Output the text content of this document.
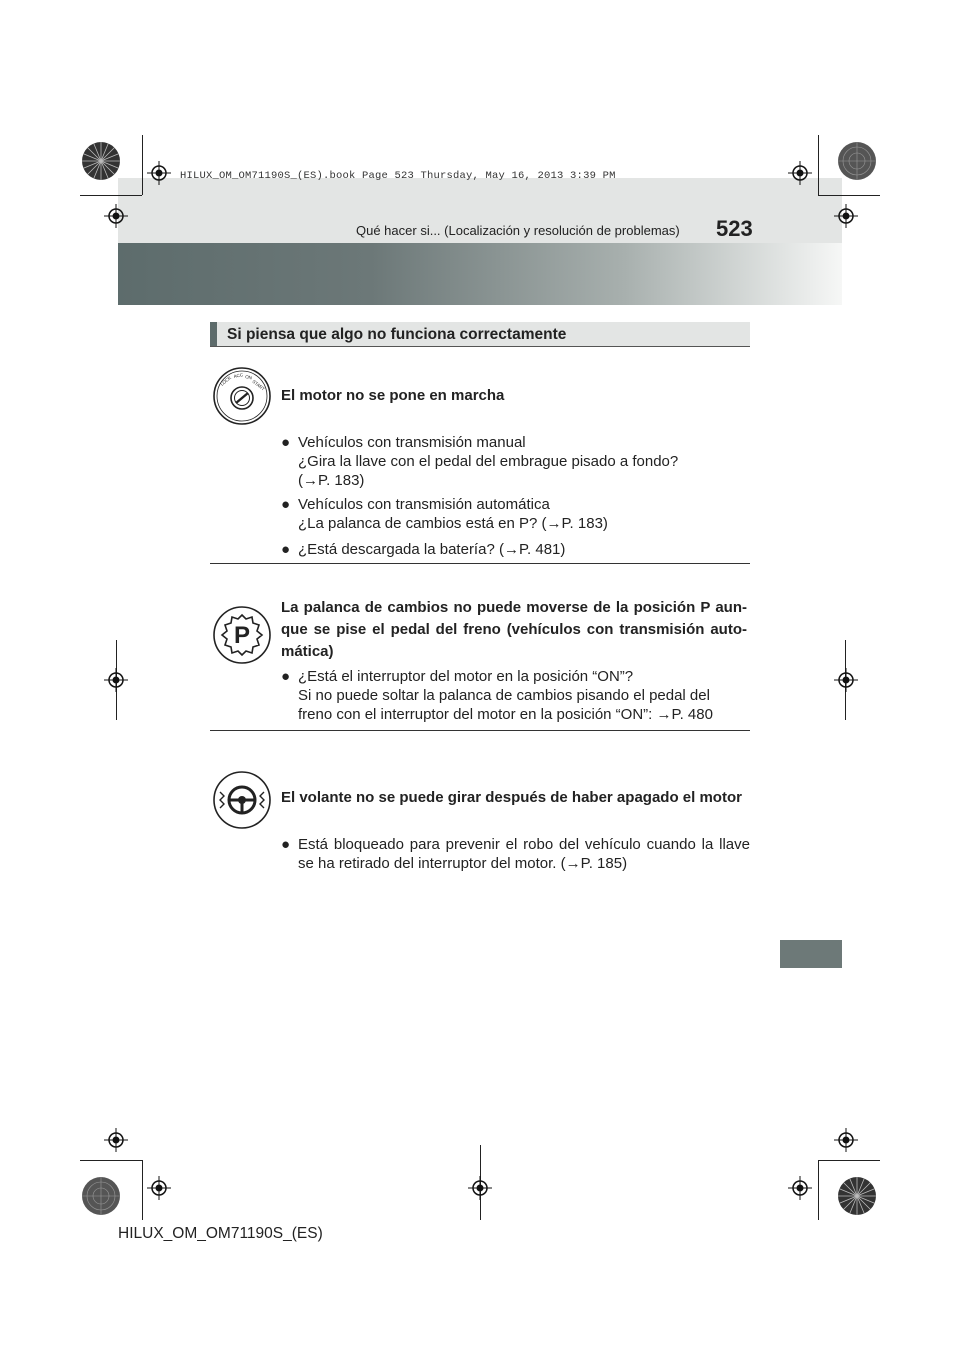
HILUX_OM_OM71190S_(ES).book Page 523 Thursday, May 16, 2013 3:39 PM
Qué hacer si... (Localización y resolución de problemas) 523
Si piensa que algo no funciona correctamente
LOCK ACC ON
START
El motor no se pone en marcha
● Vehículos con transmisión manual
¿Gira la llave con el pedal del embrague pisado a fondo?
(→P. 183)
● Vehículos con transmisión automática
¿La palanca de cambios está en P? (→P. 183)
● ¿Está descargada la batería? (→P. 481)
P
La palanca de cambios no puede moverse de la posición P aun-
que se pise el pedal del freno (vehículos con transmisión auto-
mática)
● ¿Está el interruptor del motor en la posición “ON”?
Si no puede soltar la palanca de cambios pisando el pedal del
freno con el interruptor del motor en la posición “ON”: →P. 480
El volante no se puede girar después de haber apagado el motor
● Está bloqueado para prevenir el robo del vehículo cuando la llave
se ha retirado del interruptor del motor. (→P. 185)
HILUX_OM_OM71190S_(ES)
